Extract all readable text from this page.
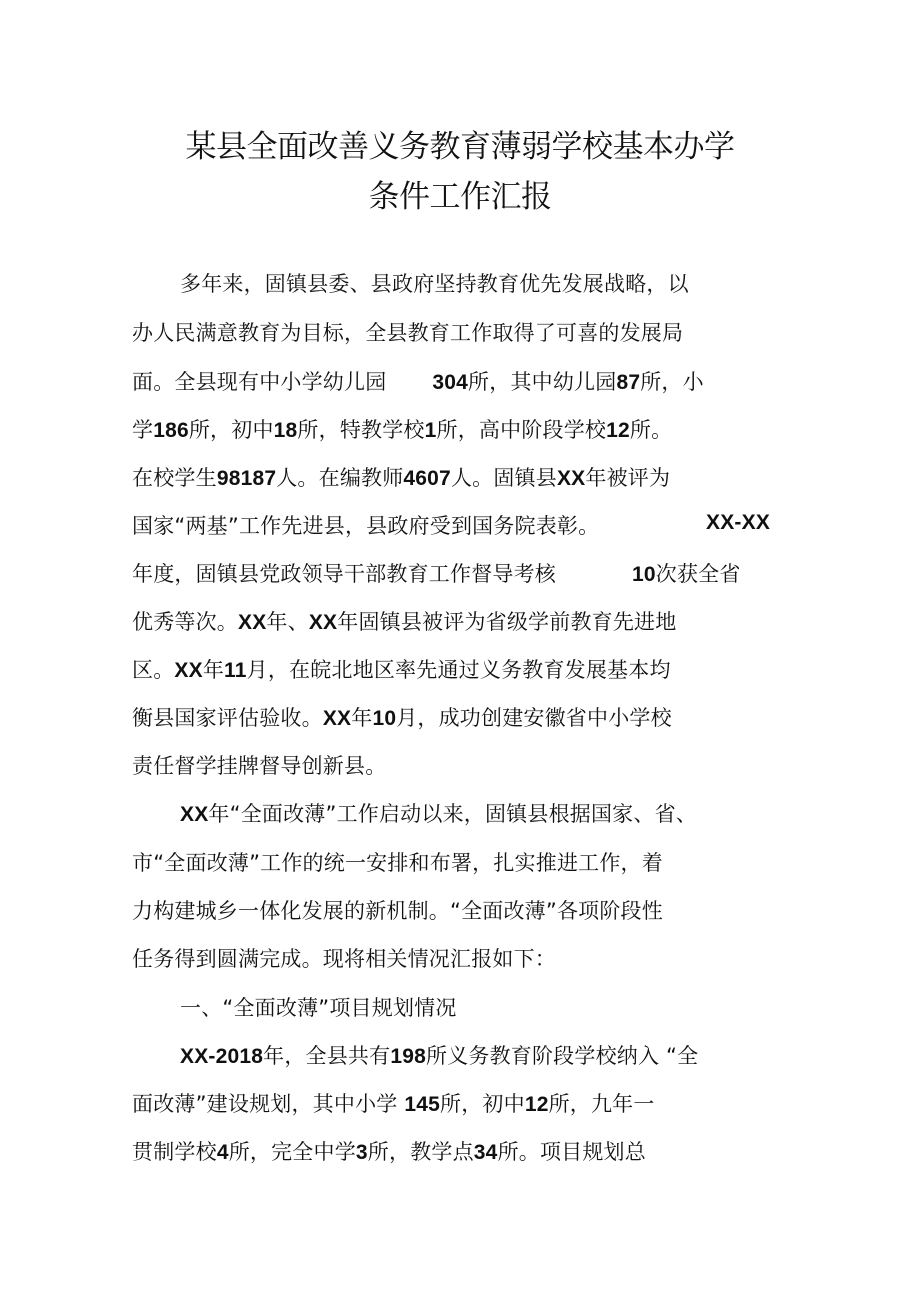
某县全面改善义务教育薄弱学校基本办学
条件工作汇报
多年来，固镇县委、县政府坚持教育优先发展战略，以
办人民满意教育为目标，全县教育工作取得了可喜的发展局
面。全县现有中小学幼儿园 304所，其中幼儿园87所，小
学186所，初中18所，特教学校1所，高中阶段学校12所。
在校学生98187人。在编教师4607人。固镇县XX年被评为
国家“两基”工作先进县，县政府受到国务院表彰。	XX-XX
年度，固镇县党政领导干部教育工作督导考核	10次获全省
优秀等次。XX年、XX年固镇县被评为省级学前教育先进地
区。XX年11月，在皖北地区率先通过义务教育发展基本均
衡县国家评估验收。XX年10月，成功创建安徽省中小学校
责任督学挂牌督导创新县。
XX年“全面改薄”工作启动以来，固镇县根据国家、省、
市“全面改薄”工作的统一安排和布署，扎实推进工作，着
力构建城乡一体化发展的新机制。“全面改薄”各项阶段性
任务得到圆满完成。现将相关情况汇报如下：
一、“全面改薄”项目规划情况
XX-2018年，全县共有198所义务教育阶段学校纳入 “全
面改薄”建设规划，其中小学 145所，初中12所，九年一
贯制学校4所，完全中学3所，教学点34所。项目规划总
